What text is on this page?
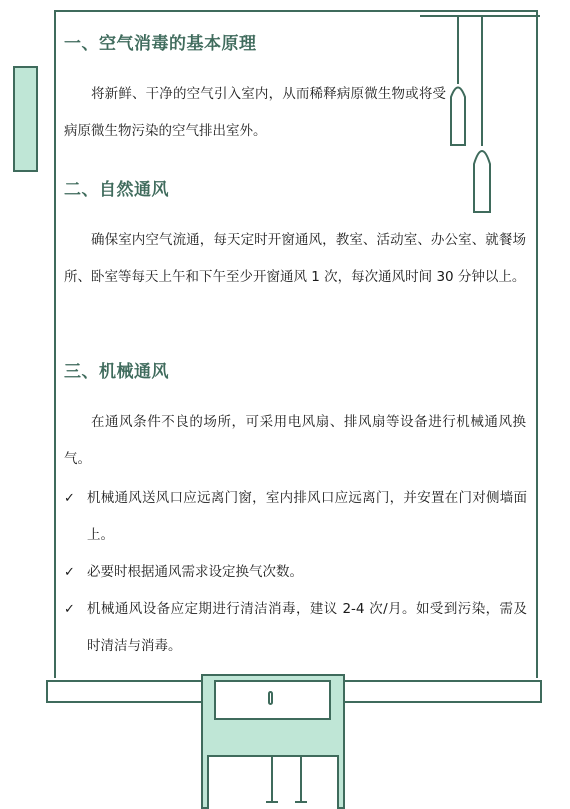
一、空气消毒的基本原理
将新鲜、干净的空气引入室内，从而稀释病原微生物或将受病原微生物污染的空气排出室外。
二、自然通风
确保室内空气流通，每天定时开窗通风，教室、活动室、办公室、就餐场所、卧室等每天上午和下午至少开窗通风 1 次，每次通风时间 30 分钟以上。
三、机械通风
在通风条件不良的场所，可采用电风扇、排风扇等设备进行机械通风换气。
✓ 机械通风送风口应远离门窗，室内排风口应远离门，并安置在门对侧墙面上。
✓ 必要时根据通风需求设定换气次数。
✓ 机械通风设备应定期进行清洁消毒，建议 2-4 次/月。如受到污染，需及时清洁与消毒。
